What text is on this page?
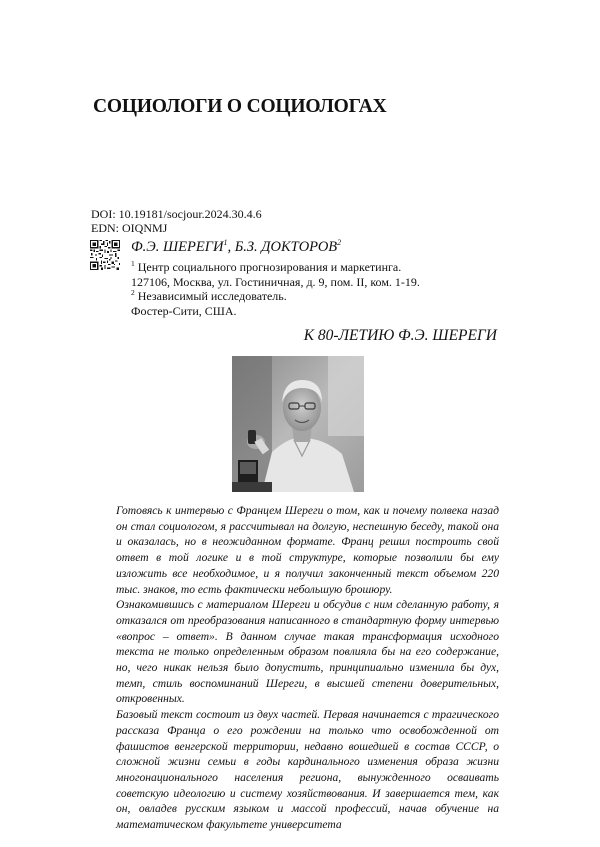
СОЦИОЛОГИ О СОЦИОЛОГАХ
DOI: 10.19181/socjour.2024.30.4.6
EDN: OIQNMJ
Ф.Э. ШЕРЕГИ$^1$, Б.З. ДОКТОРОВ$^2$
$^1$ Центр социального прогнозирования и маркетинга.
127106, Москва, ул. Гостиничная, д. 9, пом. II, ком. 1-19.
$^2$ Независимый исследователь.
Фостер-Сити, США.
К 80-ЛЕТИЮ Ф.Э. ШЕРЕГИ

Готовясь к интервью с Францем Шереги о том, как и почему полвека назад он стал социологом, я рассчитывал на долгую, неспешную беседу, такой она и оказалась, но в неожиданном формате. Франц решил построить свой ответ в той логике и в той структуре, которые позволили бы ему изложить все необходимое, и я получил законченный текст объемом 220 тыс. знаков, то есть фактически небольшую брошюру.

Ознакомившись с материалом Шереги и обсудив с ним сделанную работу, я отказался от преобразования написанного в стандартную форму интервью «вопрос – ответ». В данном случае такая трансформация исходного текста не только определенным образом повлияла бы на его содержание, но, чего никак нельзя было допустить, принципиально изменила бы дух, темп, стиль воспоминаний Шереги, в высшей степени доверительных, откровенных.

Базовый текст состоит из двух частей. Первая начинается с трагического рассказа Франца о его рождении на только что освобожденной от фашистов венгерской территории, недавно вошедшей в состав СССР, о сложной жизни семьи в годы кардинального изменения образа жизни многонационального населения региона, вынужденного осваивать советскую идеологию и систему хозяйствования. И завершается тем, как он, овладев русским языком и массой профессий, начав обучение на математическом факультете университета
